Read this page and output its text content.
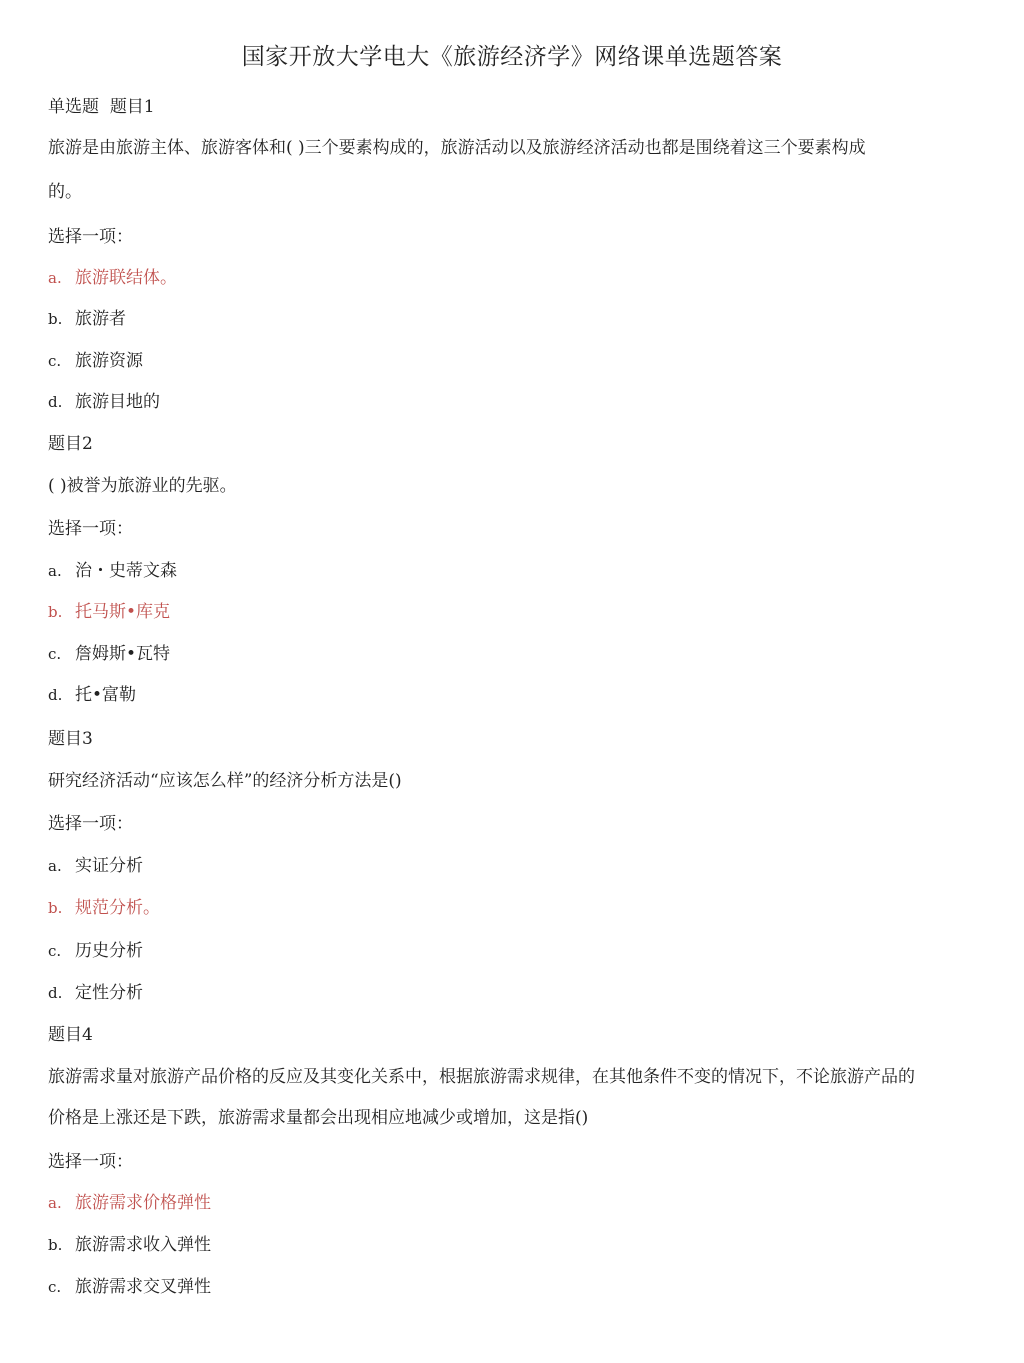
国家开放大学电大《旅游经济学》网络课单选题答案
单选题 题目1
旅游是由旅游主体、旅游客体和( )三个要素构成的，旅游活动以及旅游经济活动也都是围绕着这三个要素构成
的。
选择一项：
a. 旅游联结体。
b. 旅游者
c. 旅游资源
d. 旅游目地的
题目2
( )被誉为旅游业的先驱。
选择一项：
a. 治・史蒂文森
b. 托马斯•库克
c. 詹姆斯•瓦特
d. 托•富勒
题目3
研究经济活动“应该怎么样”的经济分析方法是()
选择一项：
a. 实证分析
b. 规范分析。
c. 历史分析
d. 定性分析
题目4
旅游需求量对旅游产品价格的反应及其变化关系中，根据旅游需求规律，在其他条件不变的情况下，不论旅游产品的
价格是上涨还是下跌，旅游需求量都会出现相应地减少或增加，这是指()
选择一项：
a. 旅游需求价格弹性
b. 旅游需求收入弹性
c. 旅游需求交叉弹性
